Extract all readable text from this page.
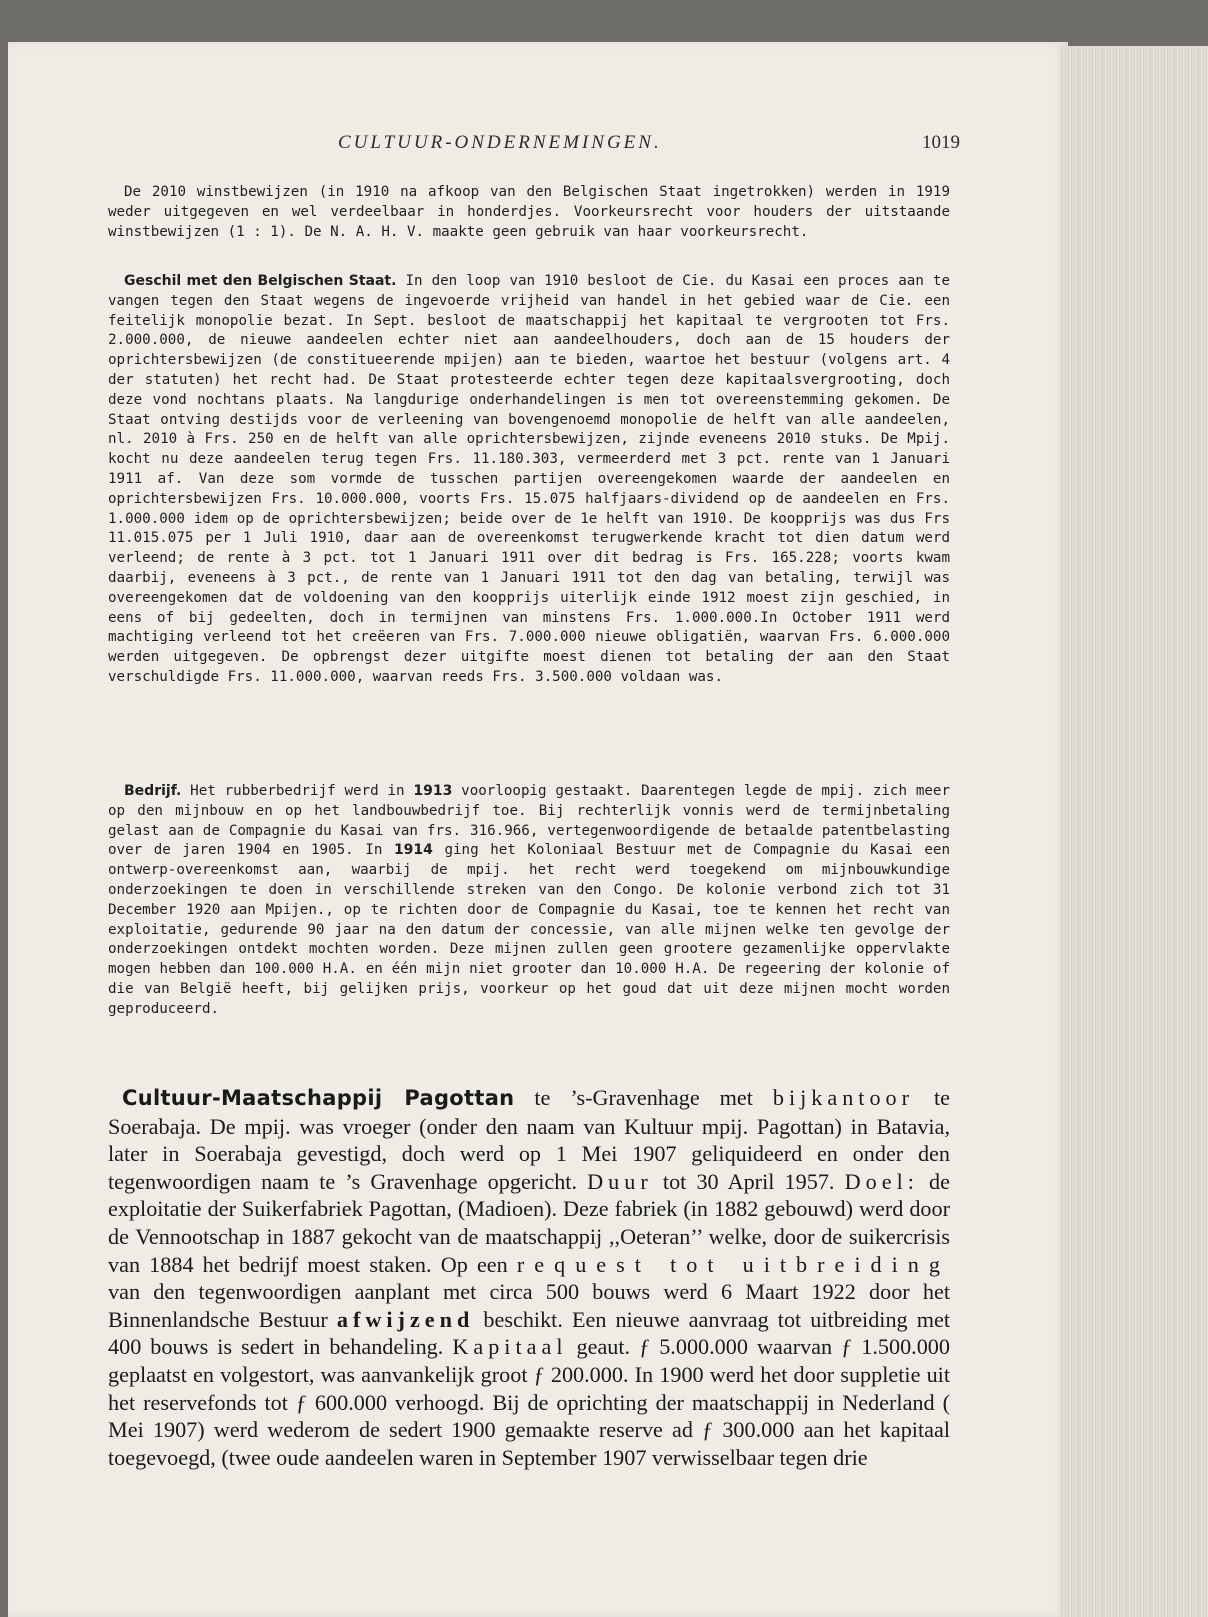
CULTUUR-ONDERNEMINGEN.	1019

De 2010 winstbewijzen (in 1910 na afkoop van den Belgischen Staat ingetrokken) werden in 1919 weder uitgegeven en wel verdeelbaar in honderdjes. Voorkeursrecht voor houders der uitstaande winstbewijzen (1 : 1). De N. A. H. V. maakte geen gebruik van haar voorkeursrecht.

Geschil met den Belgischen Staat. In den loop van 1910 besloot de Cie. du Kasai een proces aan te vangen tegen den Staat wegens de ingevoerde vrijheid van handel in het gebied waar de Cie. een feitelijk monopolie bezat. In Sept. besloot de maatschappij het kapitaal te vergrooten tot Frs. 2.000.000, de nieuwe aandeelen echter niet aan aandeelhouders, doch aan de 15 houders der oprichtersbewijzen (de constitueerende mpijen) aan te bieden, waartoe het bestuur (volgens art. 4 der statuten) het recht had. De Staat protesteerde echter tegen deze kapitaalsvergrooting, doch deze vond nochtans plaats. Na langdurige onderhandelingen is men tot overeenstemming gekomen. De Staat ontving destijds voor de verleening van bovengenoemd monopolie de helft van alle aandeelen, nl. 2010 à Frs. 250 en de helft van alle oprichtersbewijzen, zijnde eveneens 2010 stuks. De Mpij. kocht nu deze aandeelen terug tegen Frs. 11.180.303, vermeerderd met 3 pct. rente van 1 Januari 1911 af. Van deze som vormde de tusschen partijen overeengekomen waarde der aandeelen en oprichtersbewijzen Frs. 10.000.000, voorts Frs. 15.075 halfjaars-dividend op de aandeelen en Frs. 1.000.000 idem op de oprichtersbewijzen; beide over de 1e helft van 1910. De koopprijs was dus Frs 11.015.075 per 1 Juli 1910, daar aan de overeenkomst terugwerkende kracht tot dien datum werd verleend; de rente à 3 pct. tot 1 Januari 1911 over dit bedrag is Frs. 165.228; voorts kwam daarbij, eveneens à 3 pct., de rente van 1 Januari 1911 tot den dag van betaling, terwijl was overeengekomen dat de voldoening van den koopprijs uiterlijk einde 1912 moest zijn geschied, in eens of bij gedeelten, doch in termijnen van minstens Frs. 1.000.000.In October 1911 werd machtiging verleend tot het creëeren van Frs. 7.000.000 nieuwe obligatiën, waarvan Frs. 6.000.000 werden uitgegeven. De opbrengst dezer uitgifte moest dienen tot betaling der aan den Staat verschuldigde Frs. 11.000.000, waarvan reeds Frs. 3.500.000 voldaan was.

Bedrijf. Het rubberbedrijf werd in 1913 voorloopig gestaakt. Daarentegen legde de mpij. zich meer op den mijnbouw en op het landbouwbedrijf toe. Bij rechterlijk vonnis werd de termijnbetaling gelast aan de Compagnie du Kasai van frs. 316.966, vertegenwoordigende de betaalde patentbelasting over de jaren 1904 en 1905. In 1914 ging het Koloniaal Bestuur met de Compagnie du Kasai een ontwerp-overeenkomst aan, waarbij de mpij. het recht werd toegekend om mijnbouwkundige onderzoekingen te doen in verschillende streken van den Congo. De kolonie verbond zich tot 31 December 1920 aan Mpijen., op te richten door de Compagnie du Kasai, toe te kennen het recht van exploitatie, gedurende 90 jaar na den datum der concessie, van alle mijnen welke ten gevolge der onderzoekingen ontdekt mochten worden. Deze mijnen zullen geen grootere gezamenlijke oppervlakte mogen hebben dan 100.000 H.A. en één mijn niet grooter dan 10.000 H.A. De regeering der kolonie of die van België heeft, bij gelijken prijs, voorkeur op het goud dat uit deze mijnen mocht worden geproduceerd.

Cultuur-Maatschappij Pagottan te ’s-Gravenhage met bijkantoor te Soerabaja. De mpij. was vroeger (onder den naam van Kultuur mpij. Pagottan) in Batavia, later in Soerabaja gevestigd, doch werd op 1 Mei 1907 geliquideerd en onder den tegenwoordigen naam te ’s Gravenhage opgericht. Duur tot 30 April 1957. Doel: de exploitatie der Suikerfabriek Pagottan, (Madioen). Deze fabriek (in 1882 gebouwd) werd door de Vennootschap in 1887 gekocht van de maatschappij ,,Oeteran’’ welke, door de suikercrisis van 1884 het bedrijf moest staken. Op een request tot uitbreiding van den tegenwoordigen aanplant met circa 500 bouws werd 6 Maart 1922 door het Binnenlandsche Bestuur afwijzend beschikt. Een nieuwe aanvraag tot uitbreiding met 400 bouws is sedert in behandeling. Kapitaal geaut. ƒ 5.000.000 waarvan ƒ 1.500.000 geplaatst en volgestort, was aanvankelijk groot ƒ 200.000. In 1900 werd het door suppletie uit het reservefonds tot ƒ 600.000 verhoogd. Bij de oprichting der maatschappij in Nederland ( Mei 1907) werd wederom de sedert 1900 gemaakte reserve ad ƒ 300.000 aan het kapitaal toegevoegd, (twee oude aandeelen waren in September 1907 verwisselbaar tegen drie
